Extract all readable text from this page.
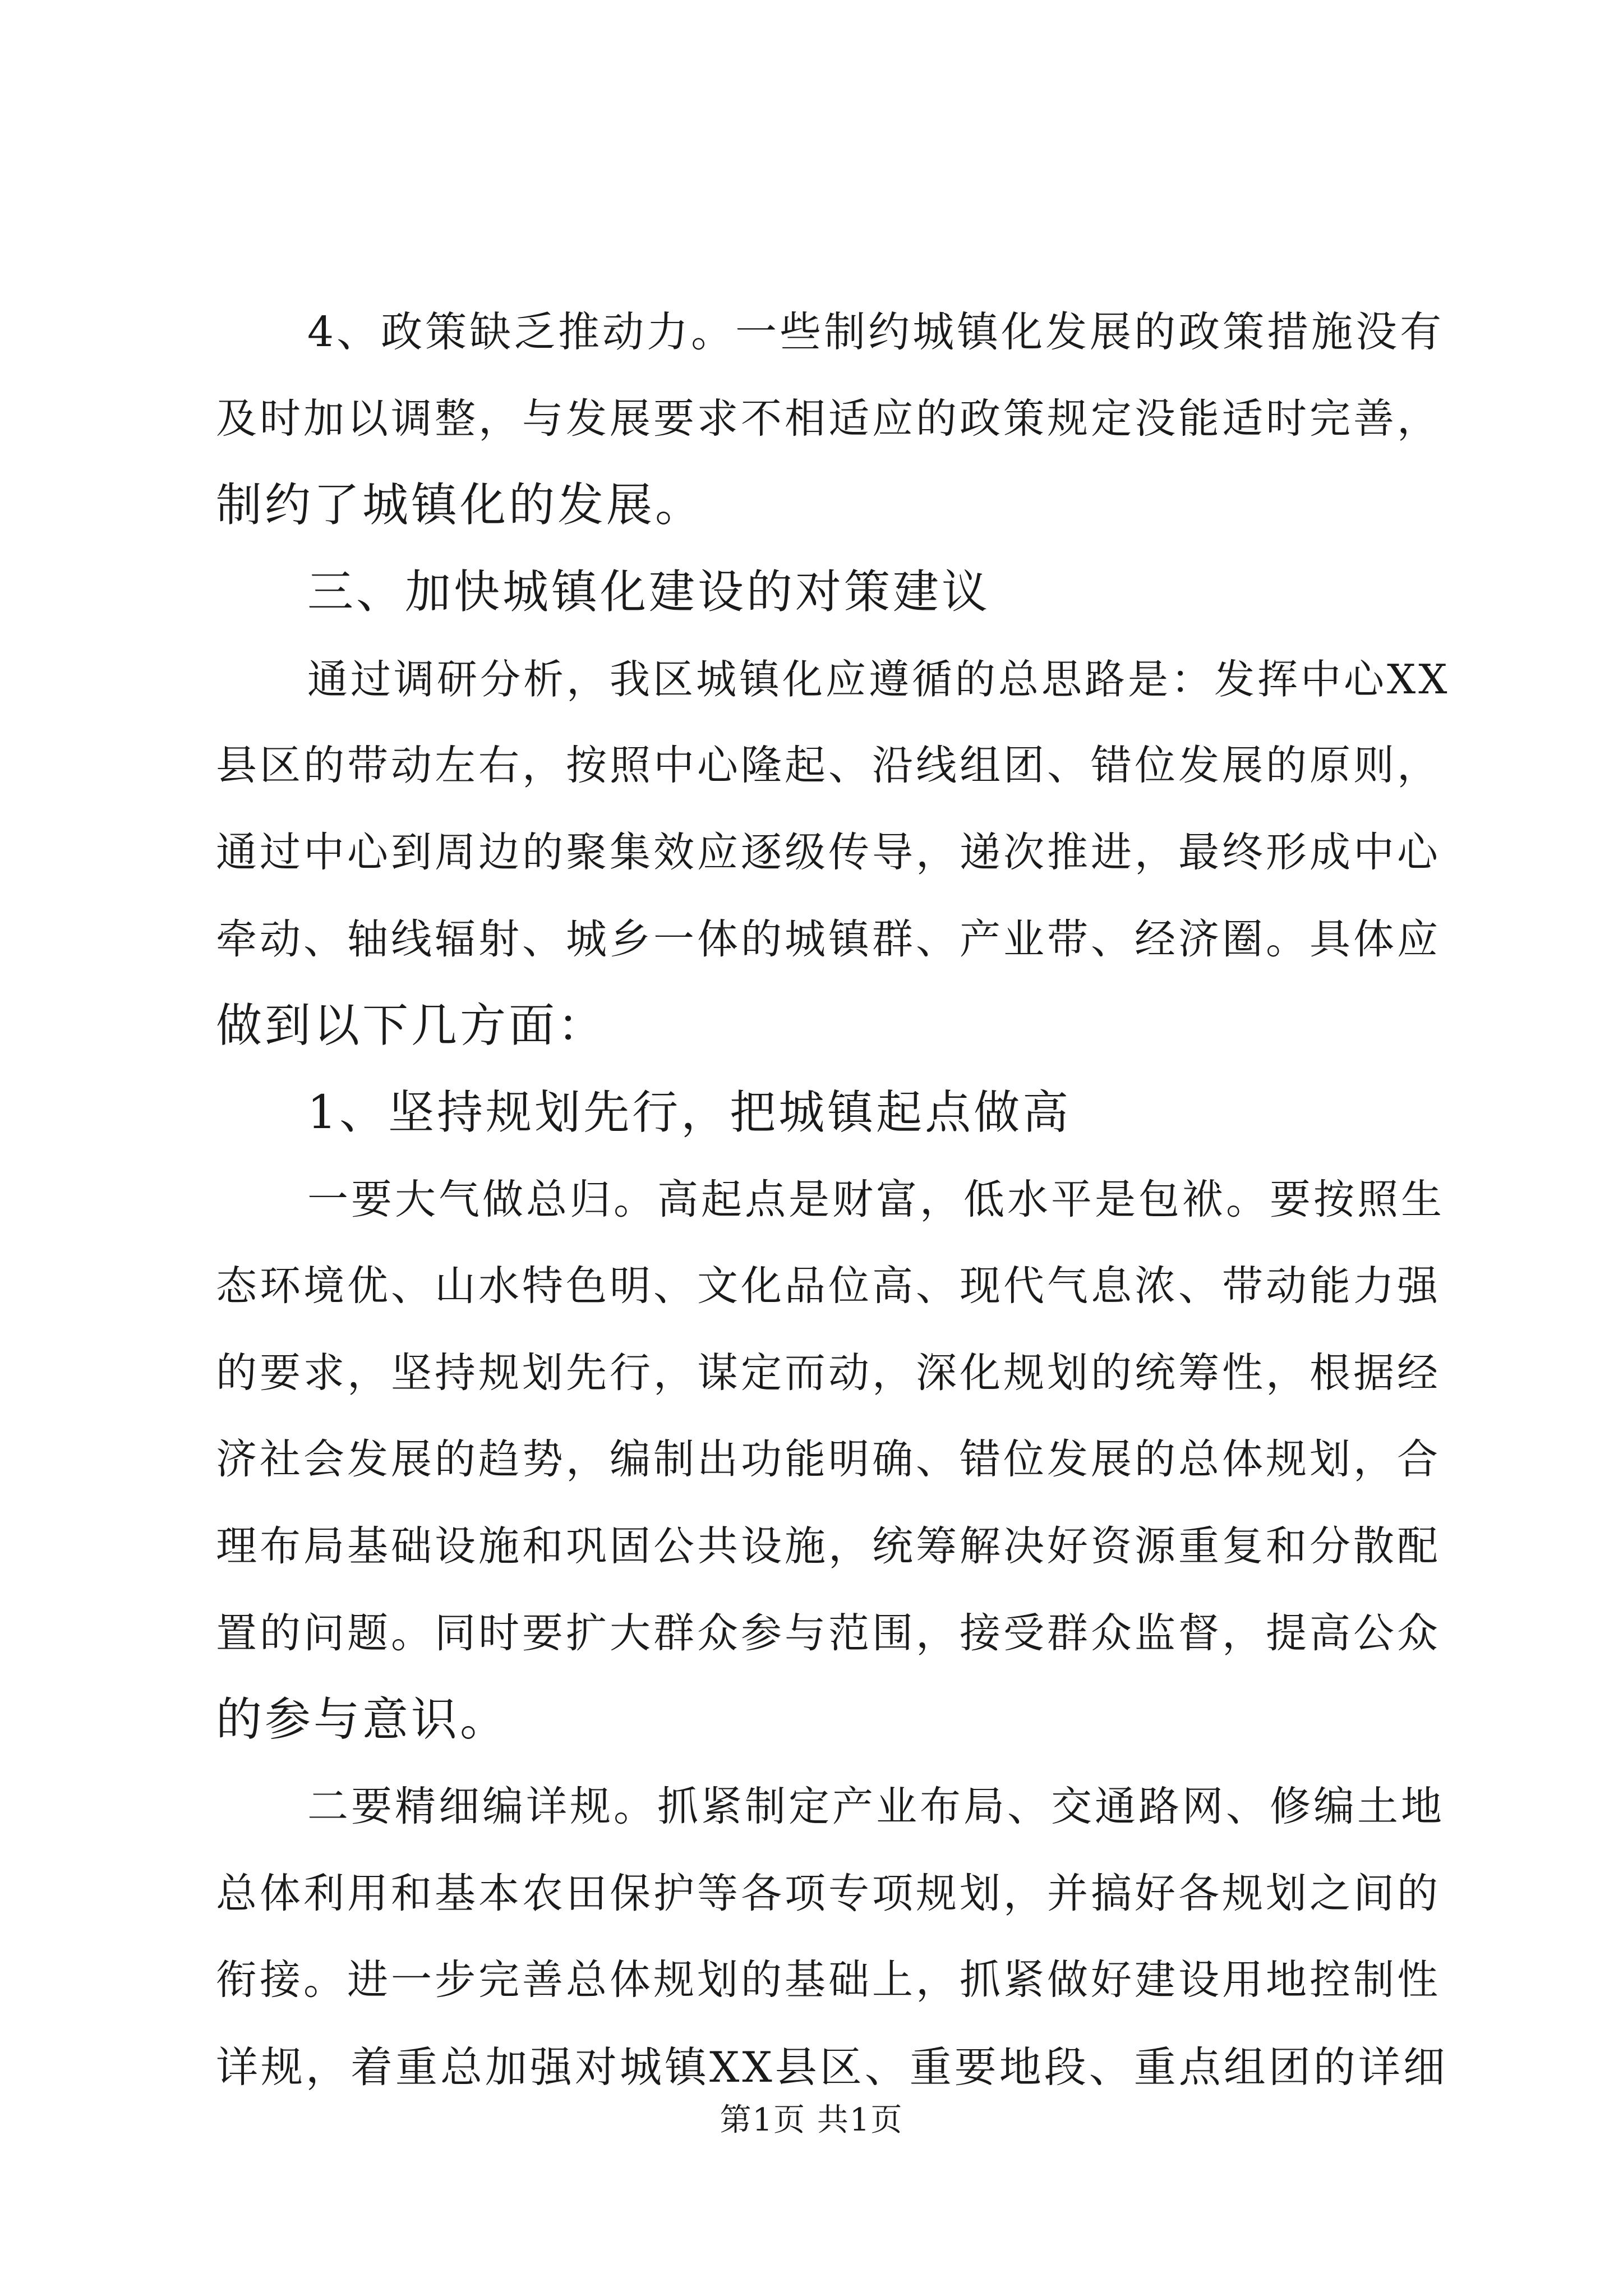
4、政策缺乏推动力。一些制约城镇化发展的政策措施没有
及时加以调整，与发展要求不相适应的政策规定没能适时完善，
制约了城镇化的发展。
三、加快城镇化建设的对策建议
通过调研分析，我区城镇化应遵循的总思路是：发挥中心XX
县区的带动左右，按照中心隆起、沿线组团、错位发展的原则，
通过中心到周边的聚集效应逐级传导，递次推进，最终形成中心
牵动、轴线辐射、城乡一体的城镇群、产业带、经济圈。具体应
做到以下几方面：
1、坚持规划先行，把城镇起点做高
一要大气做总归。高起点是财富，低水平是包袱。要按照生
态环境优、山水特色明、文化品位高、现代气息浓、带动能力强
的要求，坚持规划先行，谋定而动，深化规划的统筹性，根据经
济社会发展的趋势，编制出功能明确、错位发展的总体规划，合
理布局基础设施和巩固公共设施，统筹解决好资源重复和分散配
置的问题。同时要扩大群众参与范围，接受群众监督，提高公众
的参与意识。
二要精细编详规。抓紧制定产业布局、交通路网、修编土地
总体利用和基本农田保护等各项专项规划，并搞好各规划之间的
衔接。进一步完善总体规划的基础上，抓紧做好建设用地控制性
详规，着重总加强对城镇XX县区、重要地段、重点组团的详细
第1页 共1页
